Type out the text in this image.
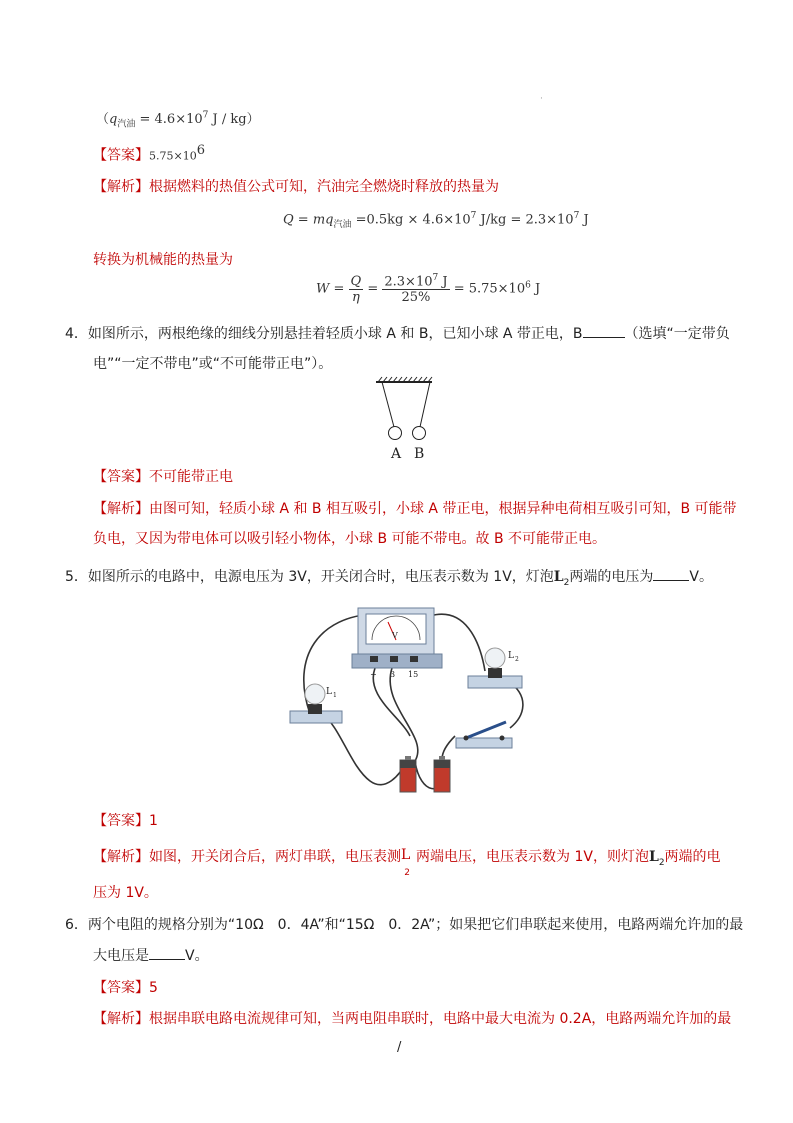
·
（$q_{汽油} = 4.6\times 10^7$ J / kg）
【答案】$5.75\times 10^6$
【解析】根据燃料的热值公式可知，汽油完全燃烧时释放的热量为
$Q = mq_{汽油} =0.5kg \times 4.6\times 10^7$ $J/kg = 2.3\times 10^7$ J
转换为机械能的热量为
$W = \frac{Q}{\eta} = \frac{2.3\times 10^7 J}{25\%} = 5.75\times 10^6$ J
4．如图所示，两根绝缘的细线分别悬挂着轻质小球 A 和 B，已知小球 A 带正电，B	（选填“一定带负
电”“一定不带电”或“不可能带正电”）。
A B
【答案】不可能带正电
【解析】由图可知，轻质小球 A 和 B 相互吸引，小球 A 带正电，根据异种电荷相互吸引可知，B 可能带
负电，又因为带电体可以吸引轻小物体，小球 B 可能不带电。故 B 不可能带正电。
5．如图所示的电路中，电源电压为 3V，开关闭合时，电压表示数为 1V，灯泡$L_2$两端的电压为	V。
V
− 3 15
L 1
L 2
【答案】1
【解析】如图，开关闭合后，两灯串联，电压表测$L_2$两端电压，电压表示数为 1V，则灯泡$L_2$两端的电
压为 1V。
6．两个电阻的规格分别为“10Ω　0．4A”和“15Ω　0．2A”；如果把它们串联起来使用，电路两端允许加的最
大电压是	V。
【答案】5
【解析】根据串联电路电流规律可知，当两电阻串联时，电路中最大电流为 0.2A，电路两端允许加的最
/
